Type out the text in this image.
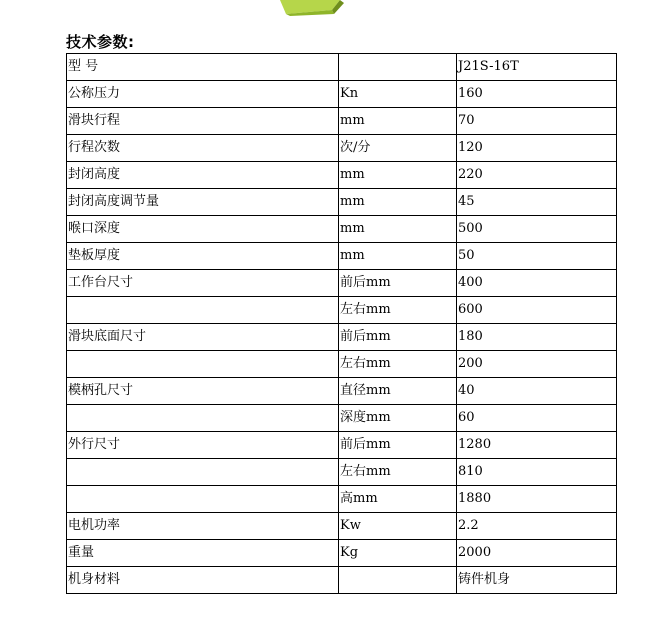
技术参数:
型 号		J21S-16T
公称压力	Kn	160
滑块行程	mm	70
行程次数	次/分	120
封闭高度	mm	220
封闭高度调节量	mm	45
喉口深度	mm	500
垫板厚度	mm	50
工作台尺寸	前后mm	400
	左右mm	600
滑块底面尺寸	前后mm	180
	左右mm	200
模柄孔尺寸	直径mm	40
	深度mm	60
外行尺寸	前后mm	1280
	左右mm	810
	高mm	1880
电机功率	Kw	2.2
重量	Kg	2000
机身材料		铸件机身
